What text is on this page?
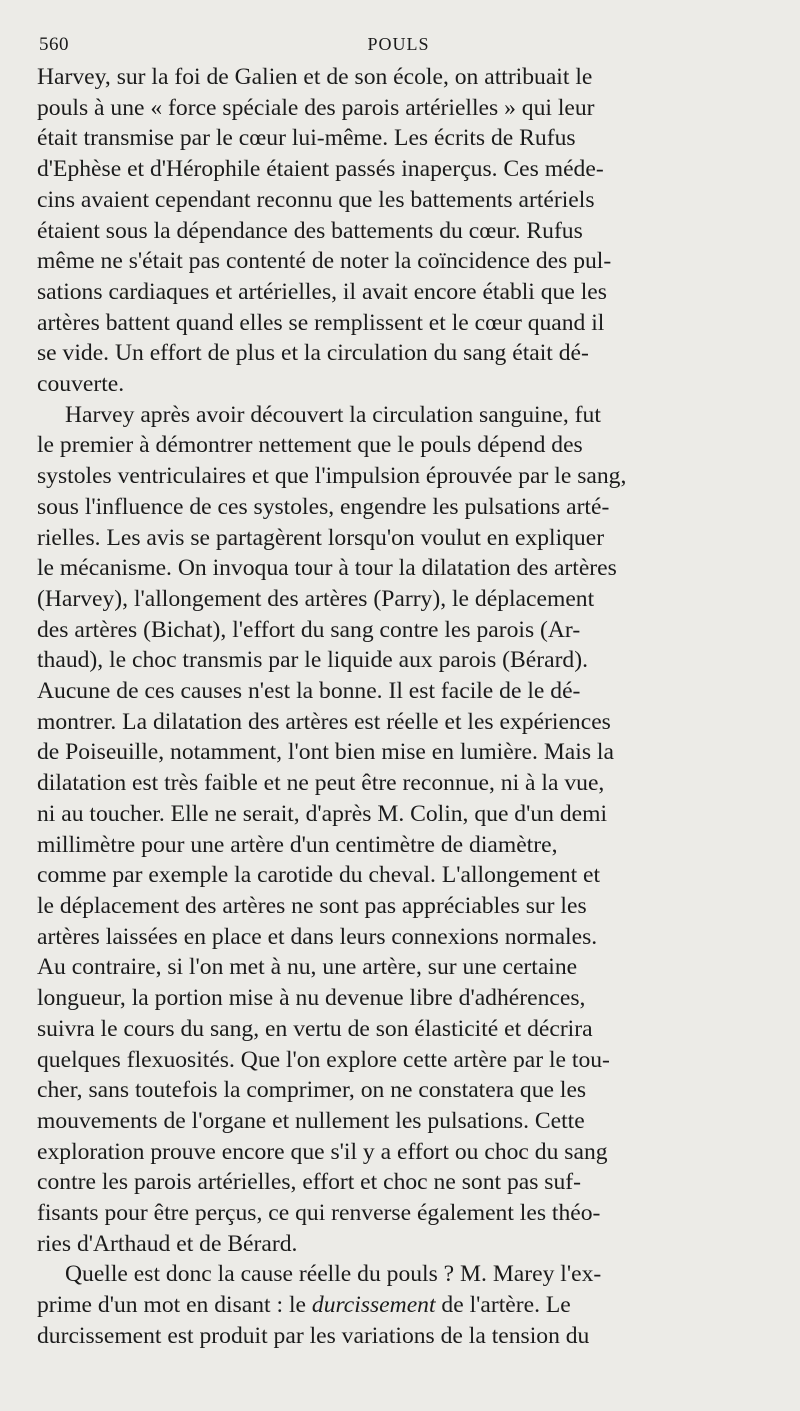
560	POULS

Harvey, sur la foi de Galien et de son école, on attribuait le
pouls à une « force spéciale des parois artérielles » qui leur
était transmise par le cœur lui-même. Les écrits de Rufus
d'Ephèse et d'Hérophile étaient passés inaperçus. Ces méde-
cins avaient cependant reconnu que les battements artériels
étaient sous la dépendance des battements du cœur. Rufus
même ne s'était pas contenté de noter la coïncidence des pul-
sations cardiaques et artérielles, il avait encore établi que les
artères battent quand elles se remplissent et le cœur quand il
se vide. Un effort de plus et la circulation du sang était dé-
couverte.

Harvey après avoir découvert la circulation sanguine, fut
le premier à démontrer nettement que le pouls dépend des
systoles ventriculaires et que l'impulsion éprouvée par le sang,
sous l'influence de ces systoles, engendre les pulsations arté-
rielles. Les avis se partagèrent lorsqu'on voulut en expliquer
le mécanisme. On invoqua tour à tour la dilatation des artères
(Harvey), l'allongement des artères (Parry), le déplacement
des artères (Bichat), l'effort du sang contre les parois (Ar-
thaud), le choc transmis par le liquide aux parois (Bérard).
Aucune de ces causes n'est la bonne. Il est facile de le dé-
montrer. La dilatation des artères est réelle et les expériences
de Poiseuille, notamment, l'ont bien mise en lumière. Mais la
dilatation est très faible et ne peut être reconnue, ni à la vue,
ni au toucher. Elle ne serait, d'après M. Colin, que d'un demi
millimètre pour une artère d'un centimètre de diamètre,
comme par exemple la carotide du cheval. L'allongement et
le déplacement des artères ne sont pas appréciables sur les
artères laissées en place et dans leurs connexions normales.
Au contraire, si l'on met à nu, une artère, sur une certaine
longueur, la portion mise à nu devenue libre d'adhérences,
suivra le cours du sang, en vertu de son élasticité et décrira
quelques flexuosités. Que l'on explore cette artère par le tou-
cher, sans toutefois la comprimer, on ne constatera que les
mouvements de l'organe et nullement les pulsations. Cette
exploration prouve encore que s'il y a effort ou choc du sang
contre les parois artérielles, effort et choc ne sont pas suf-
fisants pour être perçus, ce qui renverse également les théo-
ries d'Arthaud et de Bérard.

Quelle est donc la cause réelle du pouls ? M. Marey l'ex-
prime d'un mot en disant : le durcissement de l'artère. Le
durcissement est produit par les variations de la tension du
